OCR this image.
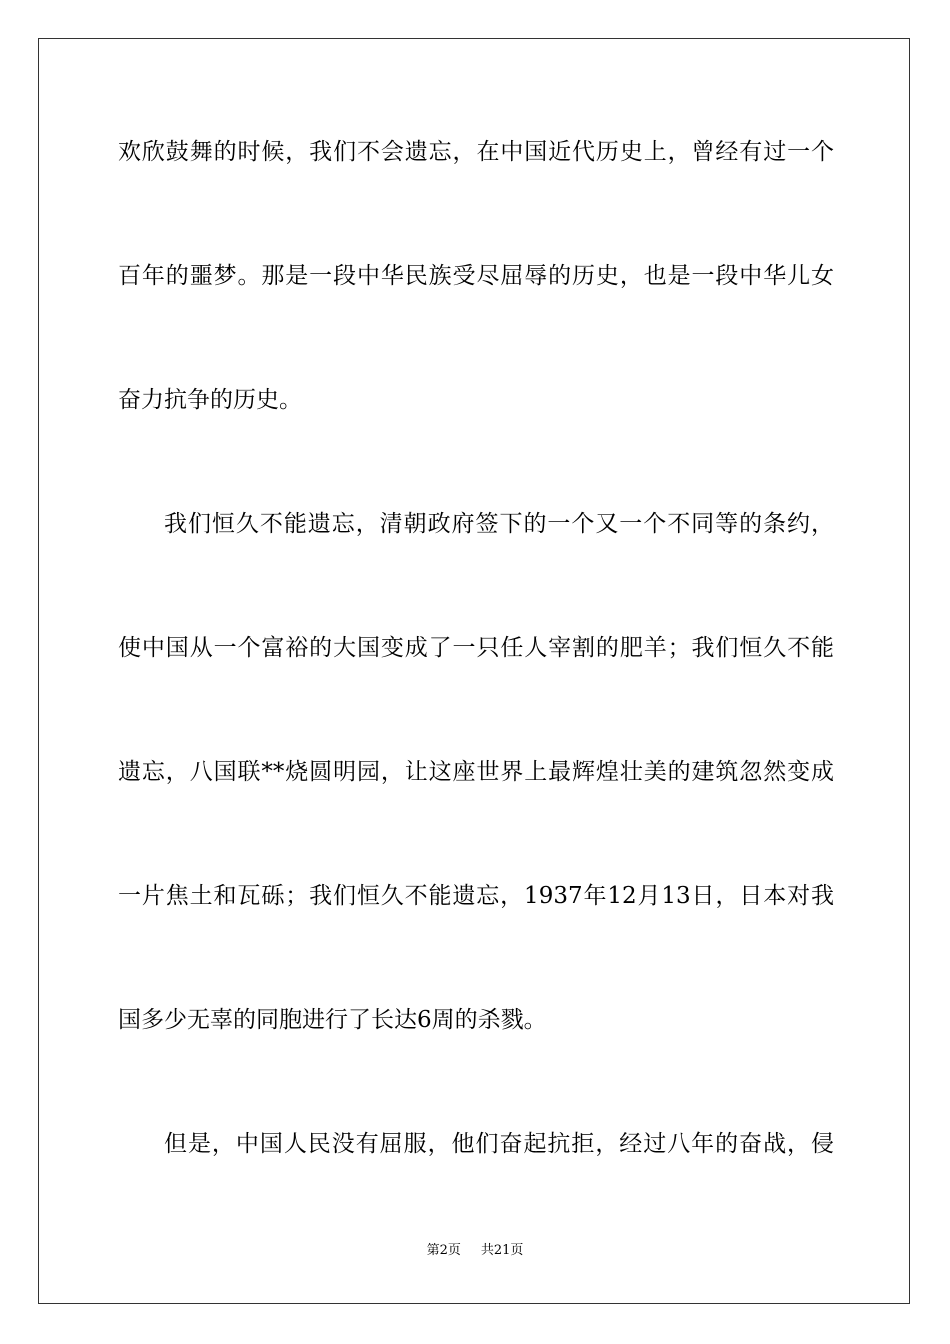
欢欣鼓舞的时候，我们不会遗忘，在中国近代历史上，曾经有过一个
百年的噩梦。那是一段中华民族受尽屈辱的历史，也是一段中华儿女
奋力抗争的历史。
我们恒久不能遗忘，清朝政府签下的一个又一个不同等的条约，
使中国从一个富裕的大国变成了一只任人宰割的肥羊；我们恒久不能
遗忘，八国联**烧圆明园，让这座世界上最辉煌壮美的建筑忽然变成
一片焦土和瓦砾；我们恒久不能遗忘，1937年12月13日，日本对我
国多少无辜的同胞进行了长达6周的杀戮。
但是，中国人民没有屈服，他们奋起抗拒，经过八年的奋战，侵
第2页 共21页
